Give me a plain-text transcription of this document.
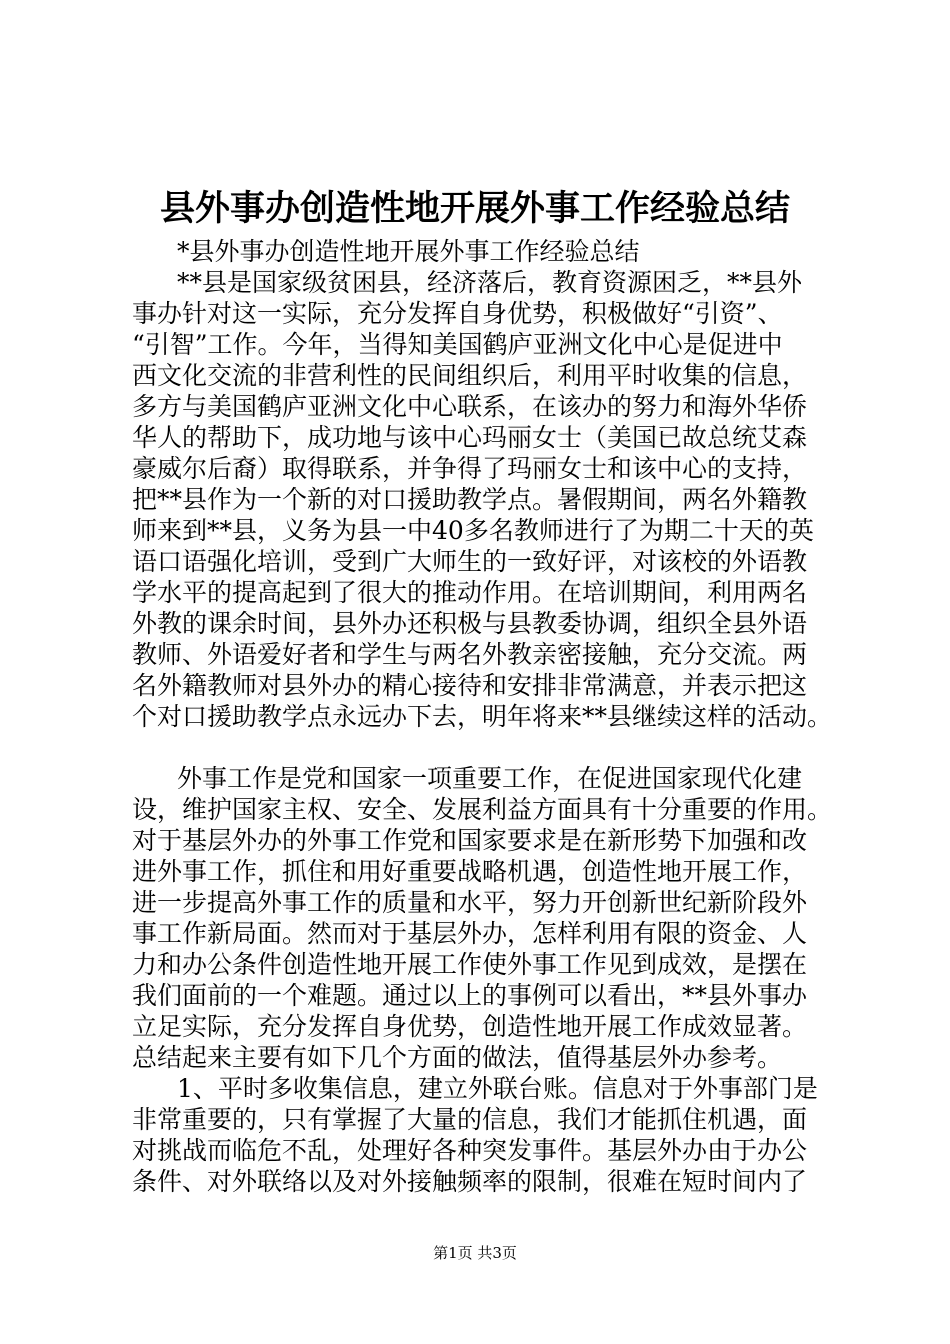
县外事办创造性地开展外事工作经验总结
*县外事办创造性地开展外事工作经验总结
**县是国家级贫困县，经济落后，教育资源困乏，**县外
事办针对这一实际，充分发挥自身优势，积极做好“引资”、
“引智”工作。今年，当得知美国鹤庐亚洲文化中心是促进中
西文化交流的非营利性的民间组织后，利用平时收集的信息，
多方与美国鹤庐亚洲文化中心联系，在该办的努力和海外华侨
华人的帮助下，成功地与该中心玛丽女士（美国已故总统艾森
豪威尔后裔）取得联系，并争得了玛丽女士和该中心的支持，
把**县作为一个新的对口援助教学点。暑假期间，两名外籍教
师来到**县，义务为县一中40多名教师进行了为期二十天的英
语口语强化培训，受到广大师生的一致好评，对该校的外语教
学水平的提高起到了很大的推动作用。在培训期间，利用两名
外教的课余时间，县外办还积极与县教委协调，组织全县外语
教师、外语爱好者和学生与两名外教亲密接触，充分交流。两
名外籍教师对县外办的精心接待和安排非常满意，并表示把这
个对口援助教学点永远办下去，明年将来**县继续这样的活动。
外事工作是党和国家一项重要工作，在促进国家现代化建
设，维护国家主权、安全、发展利益方面具有十分重要的作用。
对于基层外办的外事工作党和国家要求是在新形势下加强和改
进外事工作，抓住和用好重要战略机遇，创造性地开展工作，
进一步提高外事工作的质量和水平，努力开创新世纪新阶段外
事工作新局面。然而对于基层外办，怎样利用有限的资金、人
力和办公条件创造性地开展工作使外事工作见到成效，是摆在
我们面前的一个难题。通过以上的事例可以看出，**县外事办
立足实际，充分发挥自身优势，创造性地开展工作成效显著。
总结起来主要有如下几个方面的做法，值得基层外办参考。
1、平时多收集信息，建立外联台账。信息对于外事部门是
非常重要的，只有掌握了大量的信息，我们才能抓住机遇，面
对挑战而临危不乱，处理好各种突发事件。基层外办由于办公
条件、对外联络以及对外接触频率的限制，很难在短时间内了
第1页 共3页
